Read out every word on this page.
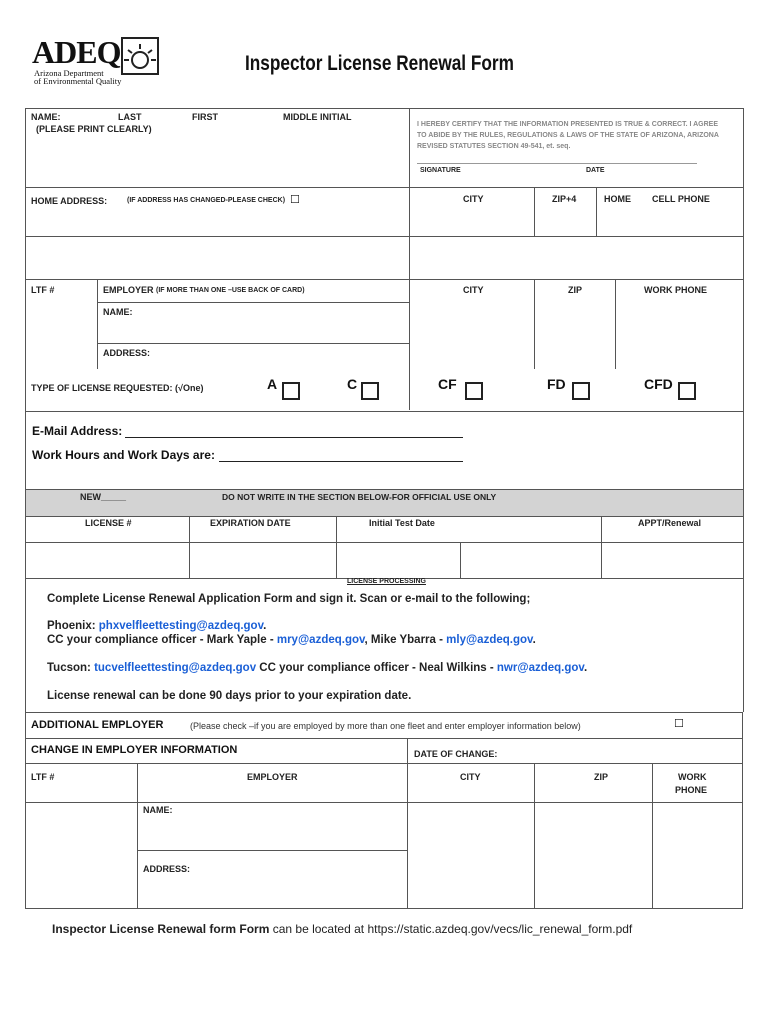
ADEQ
Arizona Department
of Environmental Quality
Inspector License Renewal Form
NAME:	LAST	FIRST	MIDDLE INITIAL
(PLEASE PRINT CLEARLY)	I HEREBY CERTIFY THAT THE INFORMATION PRESENTED IS TRUE & CORRECT. I AGREE TO ABIDE BY THE RULES, REGULATIONS & LAWS OF THE STATE OF ARIZONA, ARIZONA REVISED STATUTES SECTION 49-541, et. seq.
SIGNATURE	DATE
HOME ADDRESS:	(IF ADDRESS HAS CHANGED-PLEASE CHECK) ☐	CITY	ZIP+4	HOME CELL PHONE
LTF #	EMPLOYER (IF MORE THAN ONE –USE BACK OF CARD)	CITY	ZIP	WORK PHONE
NAME:
ADDRESS:
TYPE OF LICENSE REQUESTED: (√One)	A	C	CF	FD	CFD
E-Mail Address:
Work Hours and Work Days are:
NEW_____	DO NOT WRITE IN THE SECTION BELOW-FOR OFFICIAL USE ONLY
LICENSE #	EXPIRATION DATE	Initial Test Date	APPT/Renewal
LICENSE PROCESSING
Complete License Renewal Application Form and sign it. Scan or e-mail to the following;
Phoenix: phxvelfleettesting@azdeq.gov.
CC your compliance officer - Mark Yaple - mry@azdeq.gov, Mike Ybarra - mly@azdeq.gov.
Tucson: tucvelfleettesting@azdeq.gov CC your compliance officer - Neal Wilkins - nwr@azdeq.gov.
License renewal can be done 90 days prior to your expiration date.
ADDITIONAL EMPLOYER	(Please check –if you are employed by more than one fleet and enter employer information below)	☐
CHANGE IN EMPLOYER INFORMATION	DATE OF CHANGE:
LTF #	EMPLOYER	CITY	ZIP	WORK
PHONE
NAME:
ADDRESS:
Inspector License Renewal form Form can be located at https://static.azdeq.gov/vecs/lic_renewal_form.pdf
